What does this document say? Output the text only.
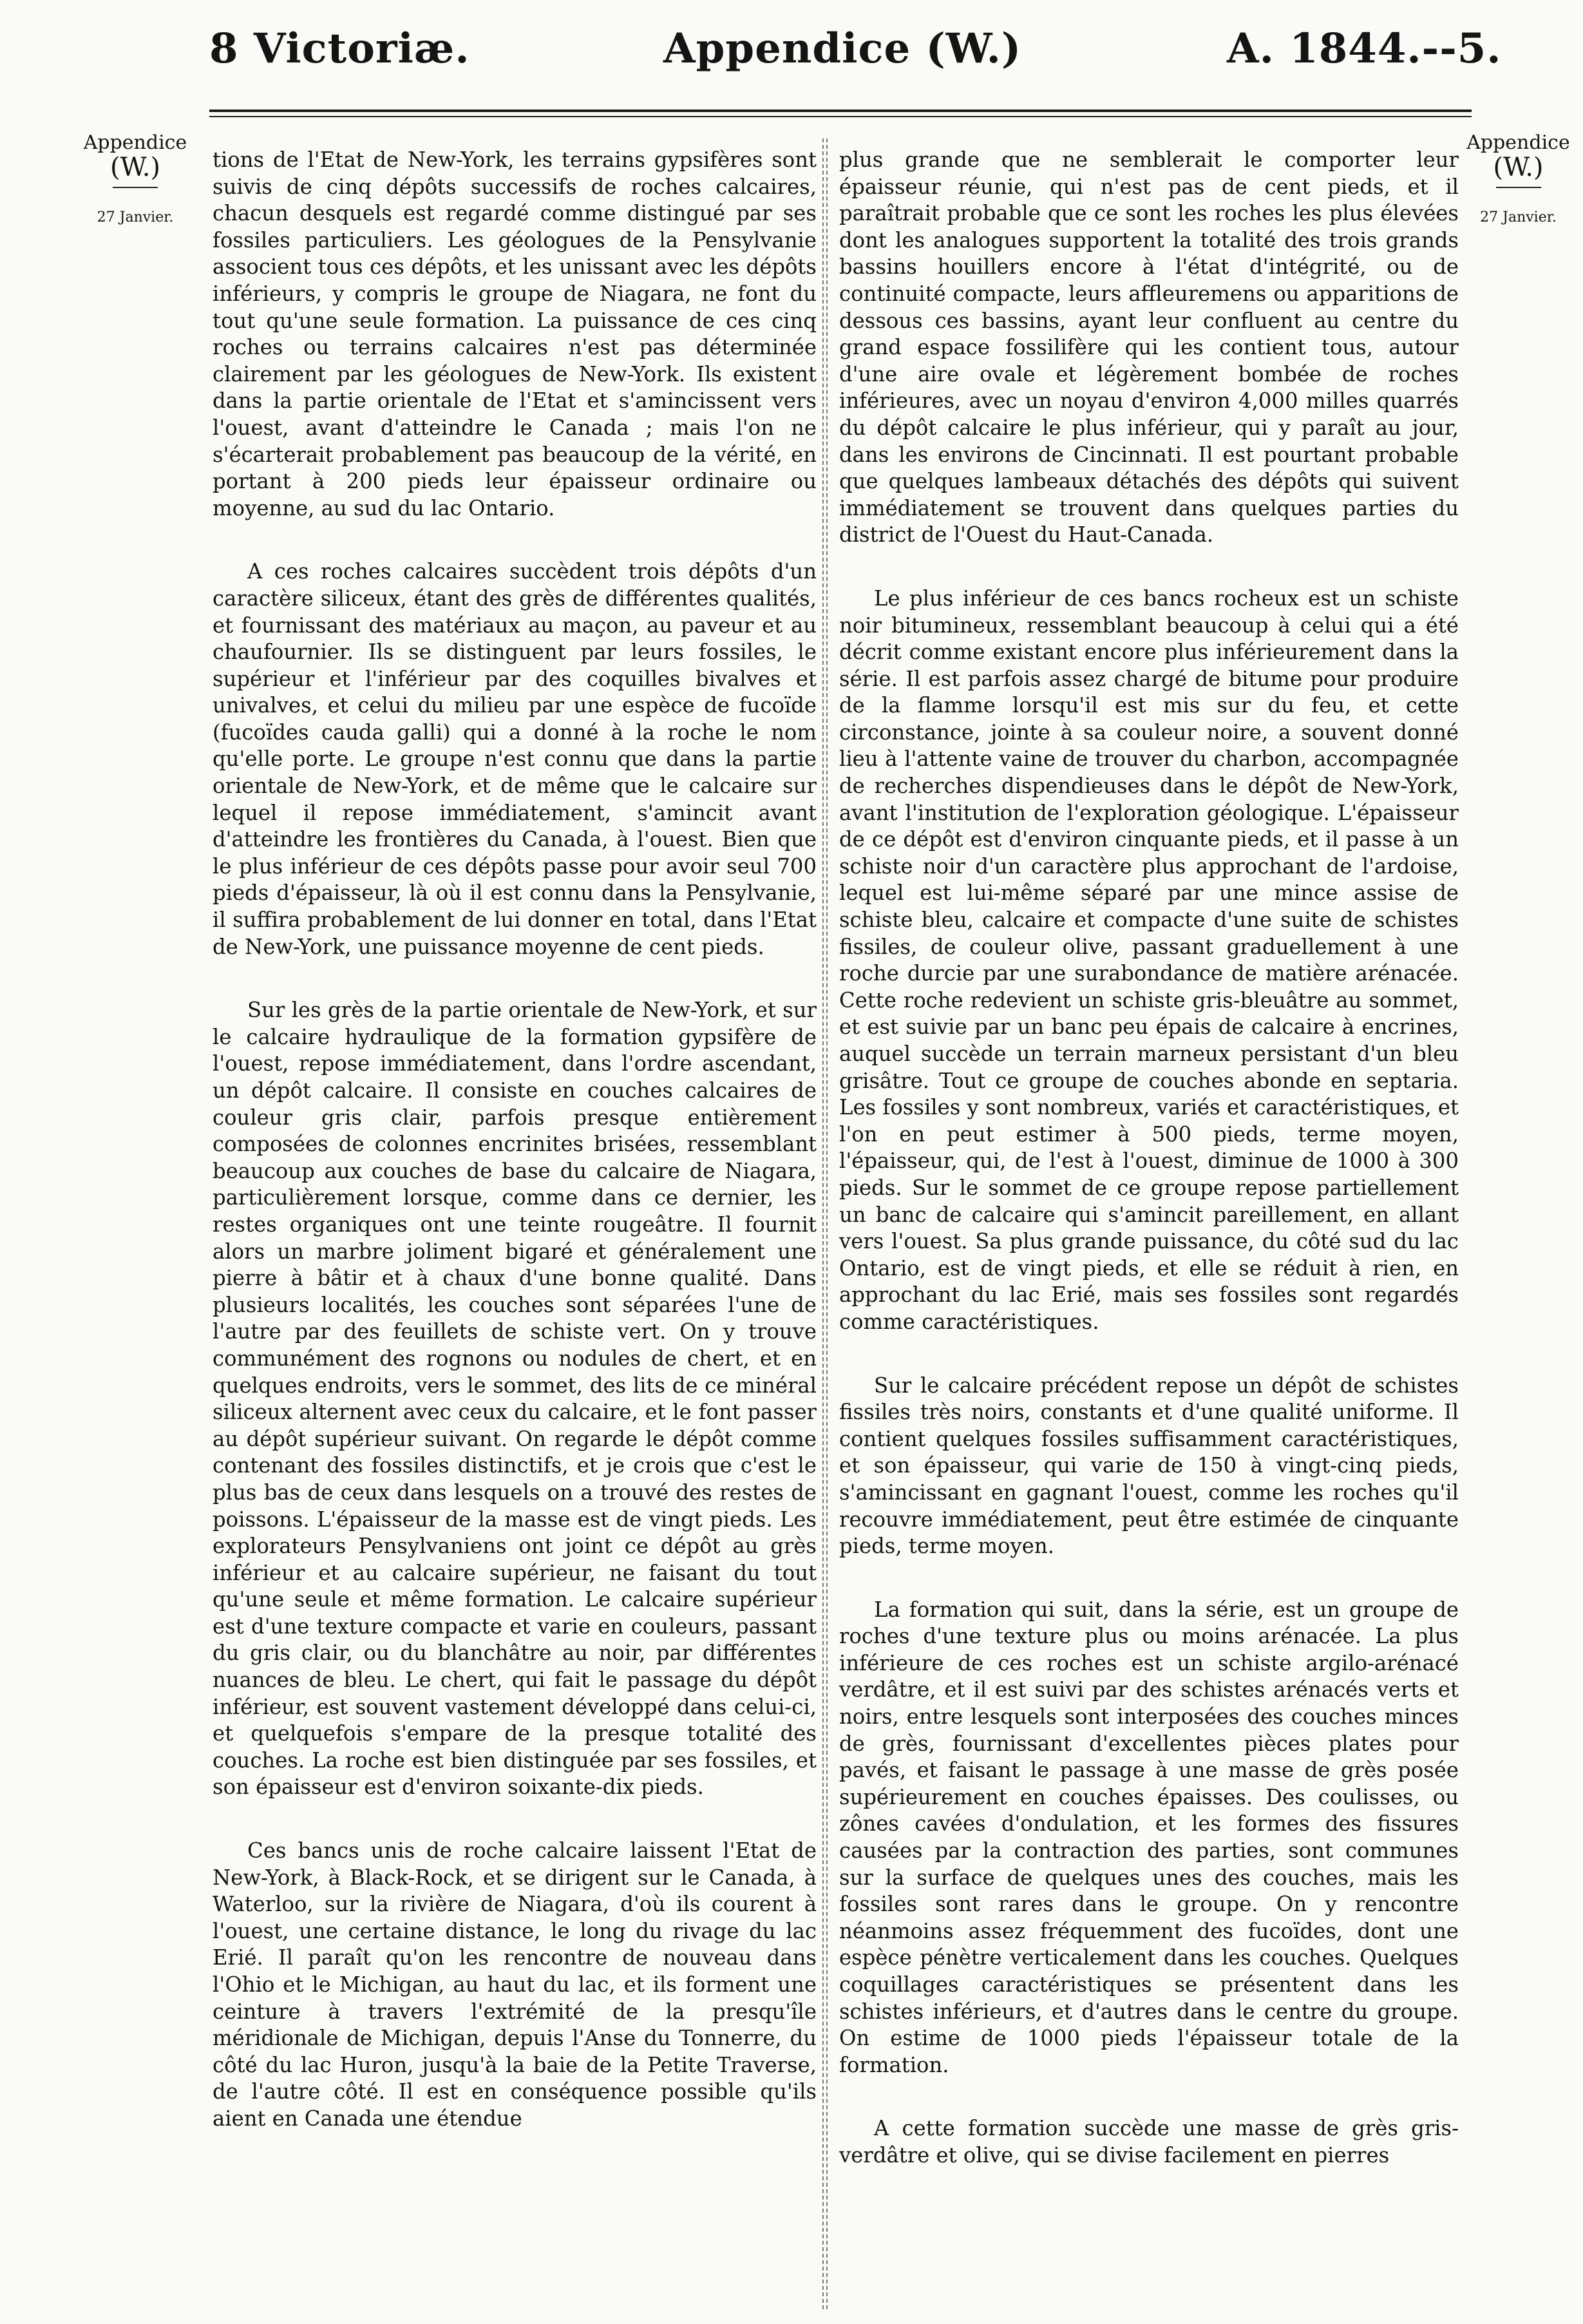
8 Victoriæ.	Appendice (W.)	A. 1844.--5.
Appendice
(W.)
27 Janvier.
Appendice
(W.)
27 Janvier.

tions de l'Etat de New-York, les terrains gypsifères sont suivis de cinq dépôts successifs de roches calcaires, chacun desquels est regardé comme distingué par ses fossiles particuliers. Les géologues de la Pensylvanie associent tous ces dépôts, et les unissant avec les dépôts inférieurs, y compris le groupe de Niagara, ne font du tout qu'une seule formation. La puissance de ces cinq roches ou terrains calcaires n'est pas déterminée clairement par les géologues de New-York. Ils existent dans la partie orientale de l'Etat et s'amincissent vers l'ouest, avant d'atteindre le Canada ; mais l'on ne s'écarterait probablement pas beaucoup de la vérité, en portant à 200 pieds leur épaisseur ordinaire ou moyenne, au sud du lac Ontario.

A ces roches calcaires succèdent trois dépôts d'un caractère siliceux, étant des grès de différentes qualités, et fournissant des matériaux au maçon, au paveur et au chaufournier. Ils se distinguent par leurs fossiles, le supérieur et l'inférieur par des coquilles bivalves et univalves, et celui du milieu par une espèce de fucoïde (fucoïdes cauda galli) qui a donné à la roche le nom qu'elle porte. Le groupe n'est connu que dans la partie orientale de New-York, et de même que le calcaire sur lequel il repose immédiatement, s'amincit avant d'atteindre les frontières du Canada, à l'ouest. Bien que le plus inférieur de ces dépôts passe pour avoir seul 700 pieds d'épaisseur, là où il est connu dans la Pensylvanie, il suffira probablement de lui donner en total, dans l'Etat de New-York, une puissance moyenne de cent pieds.

Sur les grès de la partie orientale de New-York, et sur le calcaire hydraulique de la formation gypsifère de l'ouest, repose immédiatement, dans l'ordre ascendant, un dépôt calcaire. Il consiste en couches calcaires de couleur gris clair, parfois presque entièrement composées de colonnes encrinites brisées, ressemblant beaucoup aux couches de base du calcaire de Niagara, particulièrement lorsque, comme dans ce dernier, les restes organiques ont une teinte rougeâtre. Il fournit alors un marbre joliment bigaré et généralement une pierre à bâtir et à chaux d'une bonne qualité. Dans plusieurs localités, les couches sont séparées l'une de l'autre par des feuillets de schiste vert. On y trouve communément des rognons ou nodules de chert, et en quelques endroits, vers le sommet, des lits de ce minéral siliceux alternent avec ceux du calcaire, et le font passer au dépôt supérieur suivant. On regarde le dépôt comme contenant des fossiles distinctifs, et je crois que c'est le plus bas de ceux dans lesquels on a trouvé des restes de poissons. L'épaisseur de la masse est de vingt pieds. Les explorateurs Pensylvaniens ont joint ce dépôt au grès inférieur et au calcaire supérieur, ne faisant du tout qu'une seule et même formation. Le calcaire supérieur est d'une texture compacte et varie en couleurs, passant du gris clair, ou du blanchâtre au noir, par différentes nuances de bleu. Le chert, qui fait le passage du dépôt inférieur, est souvent vastement développé dans celui-ci, et quelquefois s'empare de la presque totalité des couches. La roche est bien distinguée par ses fossiles, et son épaisseur est d'environ soixante-dix pieds.

Ces bancs unis de roche calcaire laissent l'Etat de New-York, à Black-Rock, et se dirigent sur le Canada, à Waterloo, sur la rivière de Niagara, d'où ils courent à l'ouest, une certaine distance, le long du rivage du lac Erié. Il paraît qu'on les rencontre de nouveau dans l'Ohio et le Michigan, au haut du lac, et ils forment une ceinture à travers l'extrémité de la presqu'île méridionale de Michigan, depuis l'Anse du Tonnerre, du côté du lac Huron, jusqu'à la baie de la Petite Traverse, de l'autre côté. Il est en conséquence possible qu'ils aient en Canada une étendue

plus grande que ne semblerait le comporter leur épaisseur réunie, qui n'est pas de cent pieds, et il paraîtrait probable que ce sont les roches les plus élevées dont les analogues supportent la totalité des trois grands bassins houillers encore à l'état d'intégrité, ou de continuité compacte, leurs affleuremens ou apparitions de dessous ces bassins, ayant leur confluent au centre du grand espace fossilifère qui les contient tous, autour d'une aire ovale et légèrement bombée de roches inférieures, avec un noyau d'environ 4,000 milles quarrés du dépôt calcaire le plus inférieur, qui y paraît au jour, dans les environs de Cincinnati. Il est pourtant probable que quelques lambeaux détachés des dépôts qui suivent immédiatement se trouvent dans quelques parties du district de l'Ouest du Haut-Canada.

Le plus inférieur de ces bancs rocheux est un schiste noir bitumineux, ressemblant beaucoup à celui qui a été décrit comme existant encore plus inférieurement dans la série. Il est parfois assez chargé de bitume pour produire de la flamme lorsqu'il est mis sur du feu, et cette circonstance, jointe à sa couleur noire, a souvent donné lieu à l'attente vaine de trouver du charbon, accompagnée de recherches dispendieuses dans le dépôt de New-York, avant l'institution de l'exploration géologique. L'épaisseur de ce dépôt est d'environ cinquante pieds, et il passe à un schiste noir d'un caractère plus approchant de l'ardoise, lequel est lui-même séparé par une mince assise de schiste bleu, calcaire et compacte d'une suite de schistes fissiles, de couleur olive, passant graduellement à une roche durcie par une surabondance de matière arénacée. Cette roche redevient un schiste gris-bleuâtre au sommet, et est suivie par un banc peu épais de calcaire à encrines, auquel succède un terrain marneux persistant d'un bleu grisâtre. Tout ce groupe de couches abonde en septaria. Les fossiles y sont nombreux, variés et caractéristiques, et l'on en peut estimer à 500 pieds, terme moyen, l'épaisseur, qui, de l'est à l'ouest, diminue de 1000 à 300 pieds. Sur le sommet de ce groupe repose partiellement un banc de calcaire qui s'amincit pareillement, en allant vers l'ouest. Sa plus grande puissance, du côté sud du lac Ontario, est de vingt pieds, et elle se réduit à rien, en approchant du lac Erié, mais ses fossiles sont regardés comme caractéristiques.

Sur le calcaire précédent repose un dépôt de schistes fissiles très noirs, constants et d'une qualité uniforme. Il contient quelques fossiles suffisamment caractéristiques, et son épaisseur, qui varie de 150 à vingt-cinq pieds, s'amincissant en gagnant l'ouest, comme les roches qu'il recouvre immédiatement, peut être estimée de cinquante pieds, terme moyen.

La formation qui suit, dans la série, est un groupe de roches d'une texture plus ou moins arénacée. La plus inférieure de ces roches est un schiste argilo-arénacé verdâtre, et il est suivi par des schistes arénacés verts et noirs, entre lesquels sont interposées des couches minces de grès, fournissant d'excellentes pièces plates pour pavés, et faisant le passage à une masse de grès posée supérieurement en couches épaisses. Des coulisses, ou zônes cavées d'ondulation, et les formes des fissures causées par la contraction des parties, sont communes sur la surface de quelques unes des couches, mais les fossiles sont rares dans le groupe. On y rencontre néanmoins assez fréquemment des fucoïdes, dont une espèce pénètre verticalement dans les couches. Quelques coquillages caractéristiques se présentent dans les schistes inférieurs, et d'autres dans le centre du groupe. On estime de 1000 pieds l'épaisseur totale de la formation.

A cette formation succède une masse de grès gris-verdâtre et olive, qui se divise facilement en pierres
